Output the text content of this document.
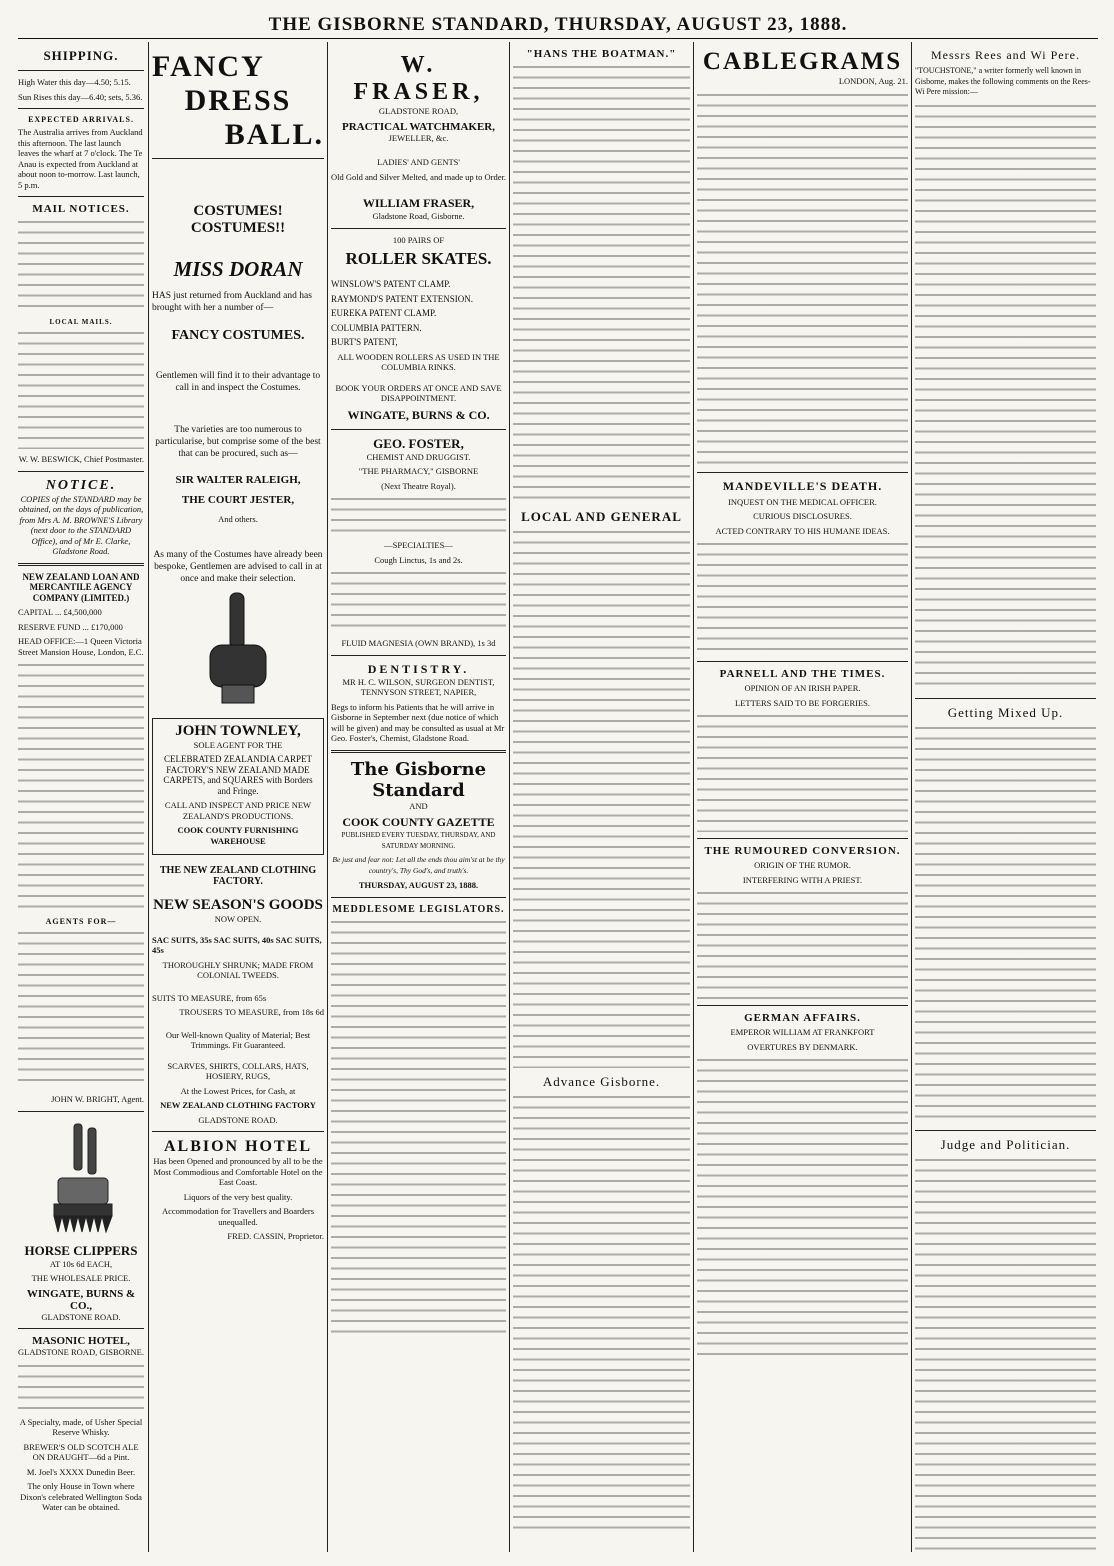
THE GISBORNE STANDARD, THURSDAY, AUGUST 23, 1888.
SHIPPING.
High Water this day—4.50; 5.15.
Sun Rises this day—6.40; sets, 5.36.
EXPECTED ARRIVALS.
The Australia arrives from Auckland this afternoon. The last launch leaves the wharf at 7 o'clock. The Te Anau is expected from Auckland at about noon to-morrow. Last launch, 5 p.m.
MAIL NOTICES.
LOCAL MAILS.
W. W. BESWICK, Chief Postmaster.
NOTICE.
COPIES of the STANDARD may be obtained, on the days of publication, from Mrs A. M. BROWNE'S Library (next door to the STANDARD Office), and of Mr E. Clarke, Gladstone Road.
NEW ZEALAND LOAN AND MERCANTILE AGENCY COMPANY (LIMITED.)
CAPITAL ... £4,500,000
RESERVE FUND ... £170,000
HEAD OFFICE:—1 Queen Victoria Street Mansion House, London, E.C.
AGENTS FOR—
JOHN W. BRIGHT, Agent.
HORSE CLIPPERS
AT 10s 6d EACH,
THE WHOLESALE PRICE.
WINGATE, BURNS & CO.,
GLADSTONE ROAD.
MASONIC HOTEL,
GLADSTONE ROAD, GISBORNE.
A Specialty, made, of Usher Special Reserve Whisky.
BREWER'S OLD SCOTCH ALE ON DRAUGHT—6d a Pint.
M. Joel's XXXX Dunedin Beer.
The only House in Town where Dixon's celebrated Wellington Soda Water can be obtained.
FANCY
DRESS
BALL.
COSTUMES! COSTUMES!!
MISS DORAN
HAS just returned from Auckland and has brought with her a number of—
FANCY COSTUMES.
Gentlemen will find it to their advantage to call in and inspect the Costumes.
The varieties are too numerous to particularise, but comprise some of the best that can be procured, such as—
SIR WALTER RALEIGH,
THE COURT JESTER,
And others.
As many of the Costumes have already been bespoke, Gentlemen are advised to call in at once and make their selection.
JOHN TOWNLEY,
SOLE AGENT FOR THE
CELEBRATED ZEALANDIA CARPET FACTORY'S NEW ZEALAND MADE CARPETS, and SQUARES with Borders and Fringe.
CALL AND INSPECT AND PRICE NEW ZEALAND'S PRODUCTIONS.
COOK COUNTY FURNISHING WAREHOUSE
THE NEW ZEALAND CLOTHING FACTORY.
NEW SEASON'S GOODS
NOW OPEN.
SAC SUITS, 35s SAC SUITS, 40s SAC SUITS, 45s
THOROUGHLY SHRUNK; MADE FROM COLONIAL TWEEDS.
SUITS TO MEASURE, from 65s
TROUSERS TO MEASURE, from 18s 6d
Our Well-known Quality of Material; Best Trimmings. Fit Guaranteed.
SCARVES, SHIRTS, COLLARS, HATS, HOSIERY, RUGS,
At the Lowest Prices, for Cash, at
NEW ZEALAND CLOTHING FACTORY
GLADSTONE ROAD.
ALBION HOTEL
Has been Opened and pronounced by all to be the Most Commodious and Comfortable Hotel on the East Coast.
Liquors of the very best quality.
Accommodation for Travellers and Boarders unequalled.
FRED. CASSIN, Proprietor.
W. FRASER,
GLADSTONE ROAD,
PRACTICAL WATCHMAKER,
JEWELLER, &c.
LADIES' AND GENTS'
Old Gold and Silver Melted, and made up to Order.
WILLIAM FRASER,
Gladstone Road, Gisborne.
100 PAIRS OF
ROLLER SKATES.
WINSLOW'S PATENT CLAMP.
RAYMOND'S PATENT EXTENSION.
EUREKA PATENT CLAMP.
COLUMBIA PATTERN.
BURT'S PATENT,
ALL WOODEN ROLLERS AS USED IN THE COLUMBIA RINKS.
BOOK YOUR ORDERS AT ONCE AND SAVE DISAPPOINTMENT.
WINGATE, BURNS & CO.
GEO. FOSTER,
CHEMIST AND DRUGGIST.
"THE PHARMACY," GISBORNE
(Next Theatre Royal).
—SPECIALTIES—
Cough Linctus, 1s and 2s.
FLUID MAGNESIA (OWN BRAND), 1s 3d
DENTISTRY.
MR H. C. WILSON, SURGEON DENTIST, TENNYSON STREET, NAPIER,
Begs to inform his Patients that he will arrive in Gisborne in September next (due notice of which will be given) and may be consulted as usual at Mr Geo. Foster's, Chemist, Gladstone Road.
The Gisborne Standard
AND
COOK COUNTY GAZETTE
PUBLISHED EVERY TUESDAY, THURSDAY, AND SATURDAY MORNING.
Be just and fear not: Let all the ends thou aim'st at be thy country's, Thy God's, and truth's.
THURSDAY, AUGUST 23, 1888.
MEDDLESOME LEGISLATORS.
"HANS THE BOATMAN."
LOCAL AND GENERAL
Advance Gisborne.
CABLEGRAMS
LONDON, Aug. 21.
MANDEVILLE'S DEATH.
INQUEST ON THE MEDICAL OFFICER.
CURIOUS DISCLOSURES.
ACTED CONTRARY TO HIS HUMANE IDEAS.
PARNELL AND THE TIMES.
OPINION OF AN IRISH PAPER.
LETTERS SAID TO BE FORGERIES.
THE RUMOURED CONVERSION.
ORIGIN OF THE RUMOR.
INTERFERING WITH A PRIEST.
GERMAN AFFAIRS.
EMPEROR WILLIAM AT FRANKFORT
OVERTURES BY DENMARK.
Messrs Rees and Wi Pere.
"TOUCHSTONE," a writer formerly well known in Gisborne, makes the following comments on the Rees-Wi Pere mission:—
Getting Mixed Up.
Judge and Politician.
